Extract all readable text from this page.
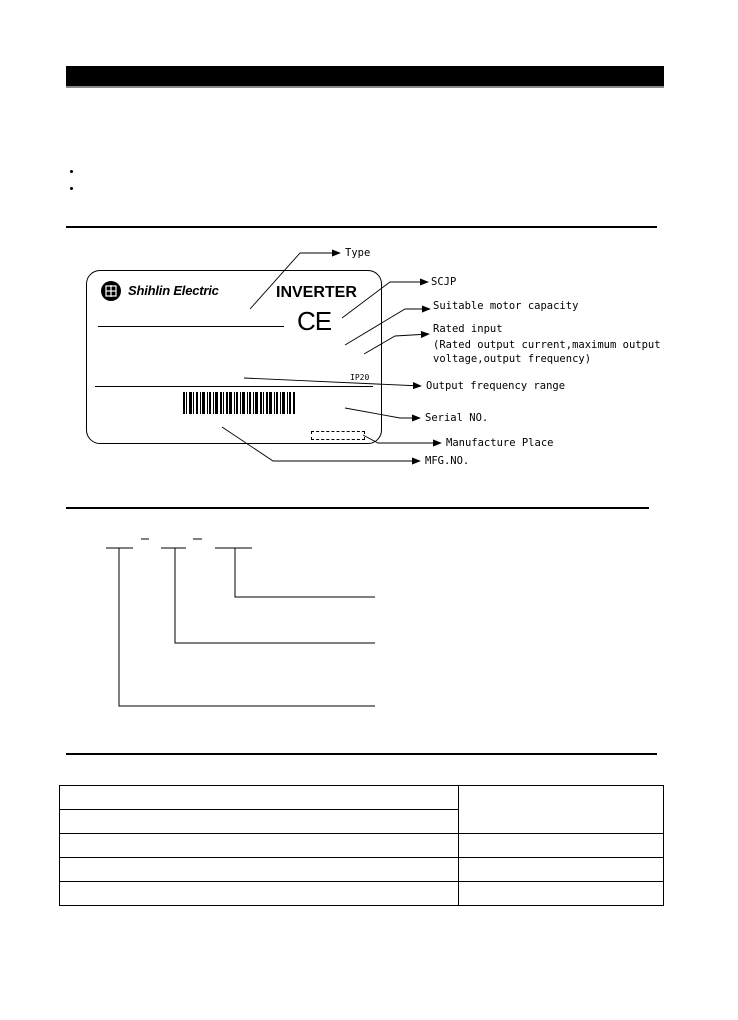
Shihlin Electric	INVERTER
CE
IP20
Type
SCJP
Suitable motor capacity
Rated input
(Rated output current,maximum output
voltage,output frequency)
Output frequency range
Serial NO.
Manufacture Place
MFG.NO.
